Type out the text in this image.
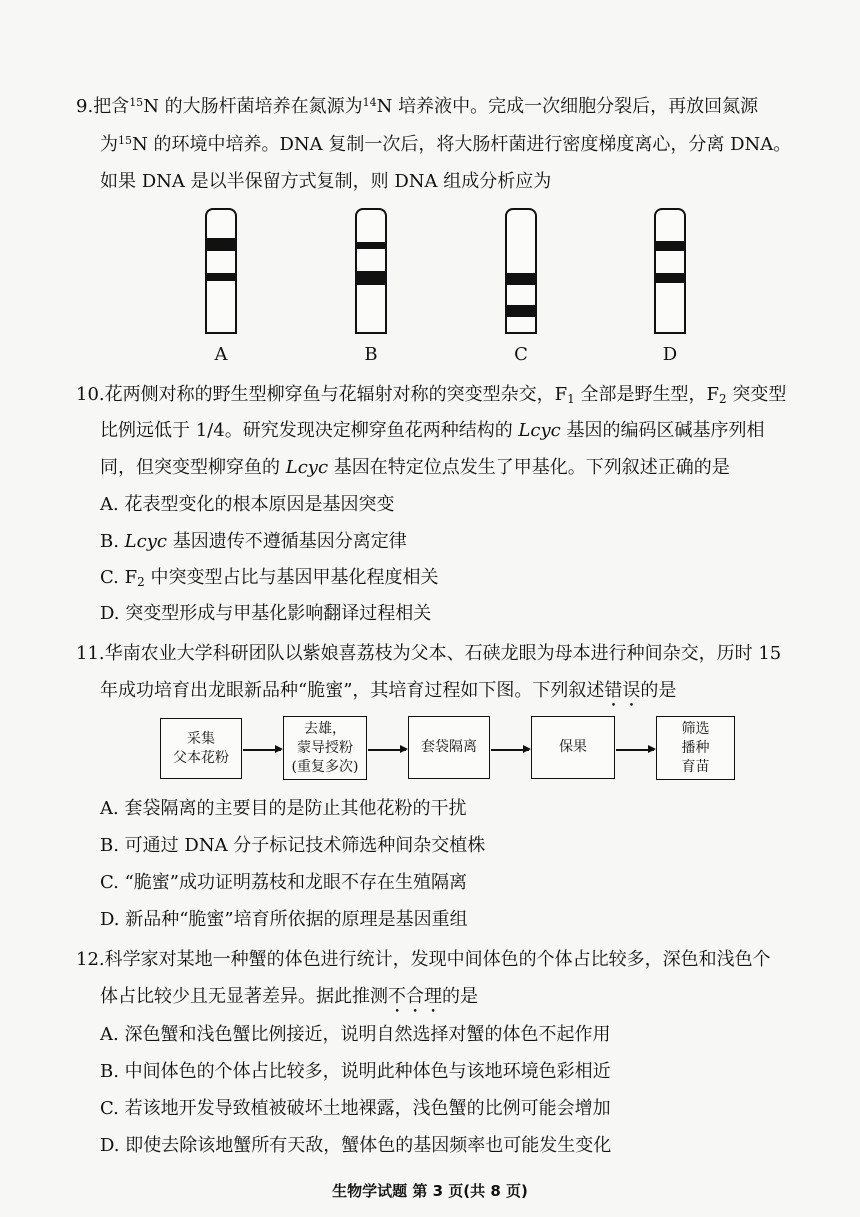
9.把含$^{15}$N 的大肠杆菌培养在氮源为$^{14}$N 培养液中。完成一次细胞分裂后，再放回氮源
为$^{15}$N 的环境中培养。DNA 复制一次后，将大肠杆菌进行密度梯度离心，分离 DNA。
如果 DNA 是以半保留方式复制，则 DNA 组成分析应为
A	B	C	D
10.花两侧对称的野生型柳穿鱼与花辐射对称的突变型杂交，$F_1$ 全部是野生型，$F_2$ 突变型
比例远低于 1/4。研究发现决定柳穿鱼花两种结构的 Lcyc 基因的编码区碱基序列相
同，但突变型柳穿鱼的 Lcyc 基因在特定位点发生了甲基化。下列叙述正确的是
A. 花表型变化的根本原因是基因突变
B. Lcyc 基因遗传不遵循基因分离定律
C. $F_2$ 中突变型占比与基因甲基化程度相关
D. 突变型形成与甲基化影响翻译过程相关
11.华南农业大学科研团队以紫娘喜荔枝为父本、石硖龙眼为母本进行种间杂交，历时 15
年成功培育出龙眼新品种“脆蜜”，其培育过程如下图。下列叙述错误的是
采集
父本花粉
去雄，
蒙导授粉
(重复多次)
套袋隔离	保果
筛选
播种
育苗
A. 套袋隔离的主要目的是防止其他花粉的干扰
B. 可通过 DNA 分子标记技术筛选种间杂交植株
C. “脆蜜”成功证明荔枝和龙眼不存在生殖隔离
D. 新品种“脆蜜”培育所依据的原理是基因重组
12.科学家对某地一种蟹的体色进行统计，发现中间体色的个体占比较多，深色和浅色个
体占比较少且无显著差异。据此推测不合理的是
A. 深色蟹和浅色蟹比例接近，说明自然选择对蟹的体色不起作用
B. 中间体色的个体占比较多，说明此种体色与该地环境色彩相近
C. 若该地开发导致植被破坏土地裸露，浅色蟹的比例可能会增加
D. 即使去除该地蟹所有天敌，蟹体色的基因频率也可能发生变化
生物学试题 第 3 页(共 8 页)
